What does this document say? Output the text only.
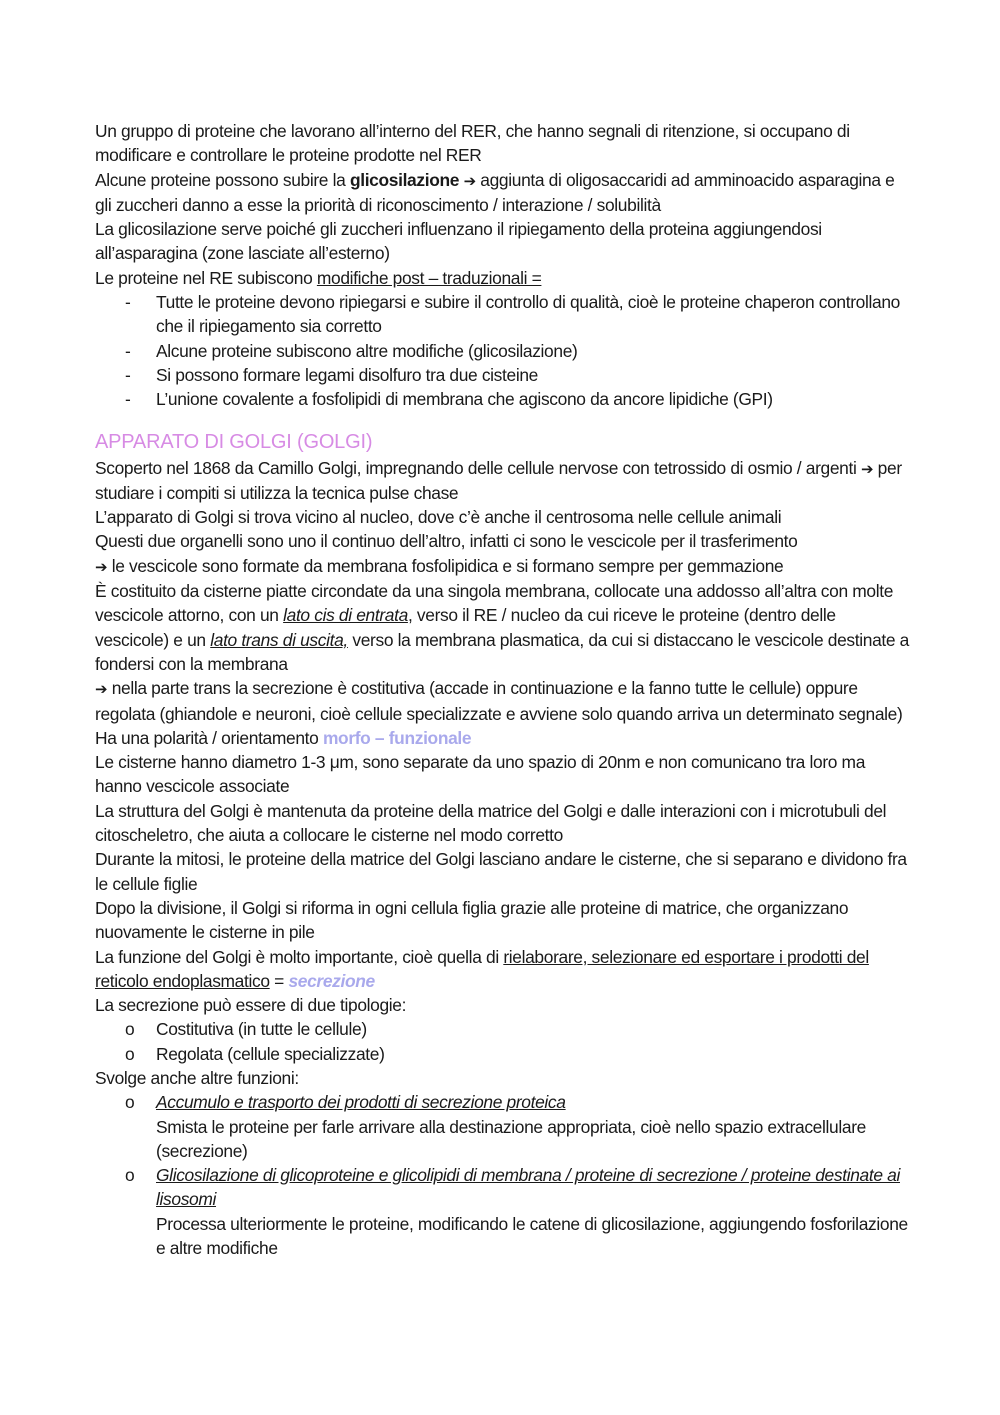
Un gruppo di proteine che lavorano all’interno del RER, che hanno segnali di ritenzione, si occupano di modificare e controllare le proteine prodotte nel RER

Alcune proteine possono subire la glicosilazione ➔ aggiunta di oligosaccaridi ad amminoacido asparagina e gli zuccheri danno a esse la priorità di riconoscimento / interazione / solubilità

La glicosilazione serve poiché gli zuccheri influenzano il ripiegamento della proteina aggiungendosi all’asparagina (zone lasciate all’esterno)

Le proteine nel RE subiscono modifiche post – traduzionali =

-	Tutte le proteine devono ripiegarsi e subire il controllo di qualità, cioè le proteine chaperon controllano che il ripiegamento sia corretto

-	Alcune proteine subiscono altre modifiche (glicosilazione)

-	Si possono formare legami disolfuro tra due cisteine

-	L’unione covalente a fosfolipidi di membrana che agiscono da ancore lipidiche (GPI)

APPARATO DI GOLGI (GOLGI)

Scoperto nel 1868 da Camillo Golgi, impregnando delle cellule nervose con tetrossido di osmio / argenti ➔ per studiare i compiti si utilizza la tecnica pulse chase

L’apparato di Golgi si trova vicino al nucleo, dove c’è anche il centrosoma nelle cellule animali

Questi due organelli sono uno il continuo dell’altro, infatti ci sono le vescicole per il trasferimento

➔ le vescicole sono formate da membrana fosfolipidica e si formano sempre per gemmazione

È costituito da cisterne piatte circondate da una singola membrana, collocate una addosso all’altra con molte vescicole attorno, con un lato cis di entrata, verso il RE / nucleo da cui riceve le proteine (dentro delle vescicole) e un lato trans di uscita, verso la membrana plasmatica, da cui si distaccano le vescicole destinate a fondersi con la membrana

➔ nella parte trans la secrezione è costitutiva (accade in continuazione e la fanno tutte le cellule) oppure regolata (ghiandole e neuroni, cioè cellule specializzate e avviene solo quando arriva un determinato segnale)

Ha una polarità / orientamento morfo – funzionale

Le cisterne hanno diametro 1-3 μm, sono separate da uno spazio di 20nm e non comunicano tra loro ma hanno vescicole associate

La struttura del Golgi è mantenuta da proteine della matrice del Golgi e dalle interazioni con i microtubuli del citoscheletro, che aiuta a collocare le cisterne nel modo corretto

Durante la mitosi, le proteine della matrice del Golgi lasciano andare le cisterne, che si separano e dividono fra le cellule figlie

Dopo la divisione, il Golgi si riforma in ogni cellula figlia grazie alle proteine di matrice, che organizzano nuovamente le cisterne in pile

La funzione del Golgi è molto importante, cioè quella di rielaborare, selezionare ed esportare i prodotti del reticolo endoplasmatico = secrezione

La secrezione può essere di due tipologie:

o	Costitutiva (in tutte le cellule)

o	Regolata (cellule specializzate)

Svolge anche altre funzioni:

o	Accumulo e trasporto dei prodotti di secrezione proteica

Smista le proteine per farle arrivare alla destinazione appropriata, cioè nello spazio extracellulare (secrezione)

o	Glicosilazione di glicoproteine e glicolipidi di membrana / proteine di secrezione / proteine destinate ai lisosomi

Processa ulteriormente le proteine, modificando le catene di glicosilazione, aggiungendo fosforilazione e altre modifiche
